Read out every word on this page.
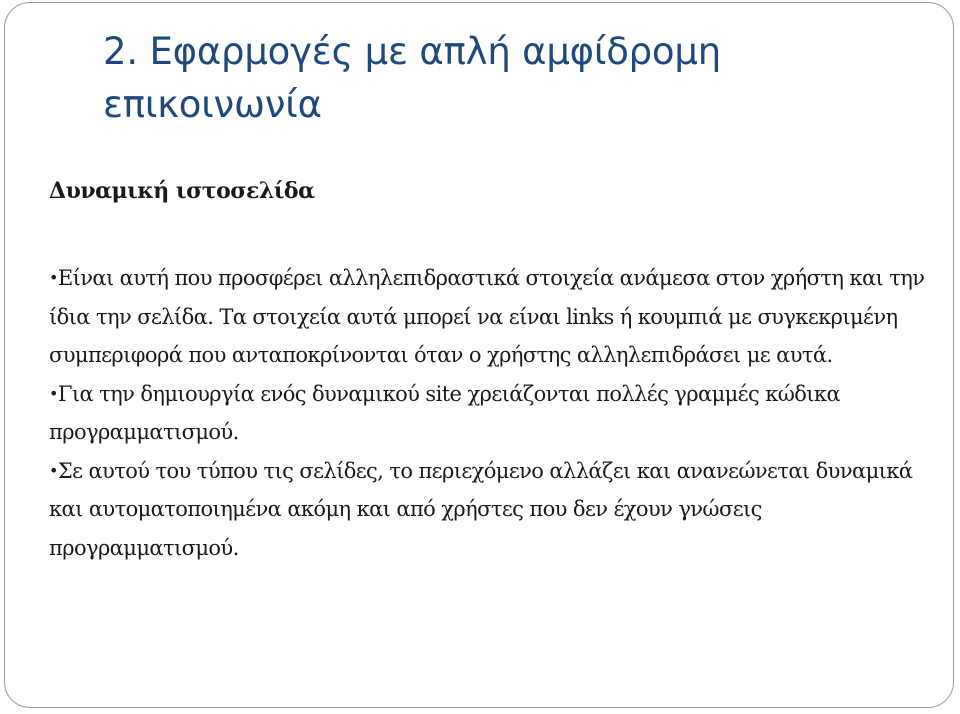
2. Εφαρμογές με απλή αμφίδρομη επικοινωνία
Δυναμική ιστοσελίδα

•Είναι αυτή που προσφέρει αλληλεπιδραστικά στοιχεία ανάμεσα στον χρήστη και την ίδια την σελίδα. Τα στοιχεία αυτά μπορεί να είναι links ή κουμπιά με συγκεκριμένη συμπεριφορά που ανταποκρίνονται όταν ο χρήστης αλληλεπιδράσει με αυτά.

•Για την δημιουργία ενός δυναμικού site χρειάζονται πολλές γραμμές κώδικα προγραμματισμού.

•Σε αυτού του τύπου τις σελίδες, το περιεχόμενο αλλάζει και ανανεώνεται δυναμικά και αυτοματοποιημένα ακόμη και από χρήστες που δεν έχουν γνώσεις προγραμματισμού.
